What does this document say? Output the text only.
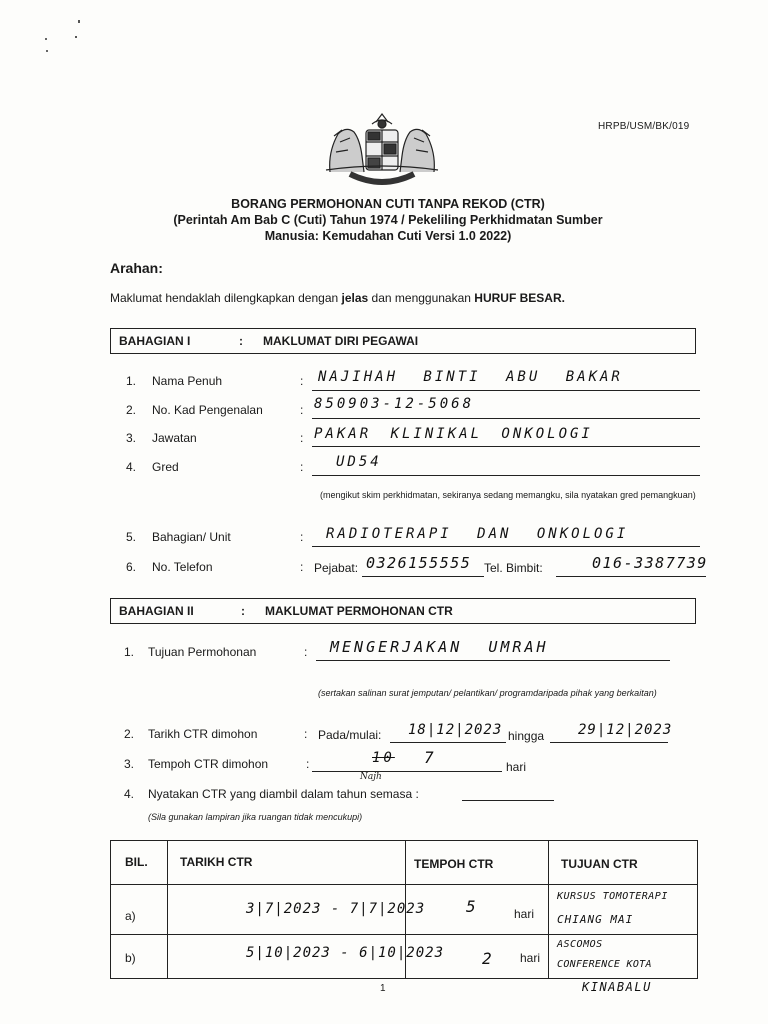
HRPB/USM/BK/019
BORANG PERMOHONAN CUTI TANPA REKOD (CTR)
(Perintah Am Bab C (Cuti) Tahun 1974 / Pekeliling Perkhidmatan Sumber
Manusia: Kemudahan Cuti Versi 1.0 2022)
Arahan:
Maklumat hendaklah dilengkapkan dengan jelas dan menggunakan HURUF BESAR.
BAHAGIAN I	: MAKLUMAT DIRI PEGAWAI
1. Nama Penuh	: NAJIHAH BINTI ABU BAKAR
2. No. Kad Pengenalan	: 850903-12-5068
3. Jawatan	: PAKAR KLINIKAL ONKOLOGI
4. Gred	: UD54
(mengikut skim perkhidmatan, sekiranya sedang memangku, sila nyatakan gred pemangkuan)
5. Bahagian/ Unit	: RADIOTERAPI DAN ONKOLOGI
6. No. Telefon	: Pejabat: 0326155555 Tel. Bimbit:	016-3387739
BAHAGIAN II	: MAKLUMAT PERMOHONAN CTR
1. Tujuan Permohonan	: MENGERJAKAN UMRAH
(sertakan salinan surat jemputan/ pelantikan/ programdaripada pihak yang berkaitan)
2. Tarikh CTR dimohon	: Pada/mulai: 18|12|2023 hingga 29|12|2023
3. Tempoh CTR dimohon	:	10 7
Najh
hari
4. Nyatakan CTR yang diambil dalam tahun semasa :
(Sila gunakan lampiran jika ruangan tidak mencukupi)
BIL.	TARIKH CTR	TEMPOH CTR	TUJUAN CTR

a)	3|7|2023 - 7|7|2023	5 hari	KURSUS TOMOTERAPI
CHIANG MAI

b)	5|10|2023 - 6|10|2023	2 hari	ASCOMOS
CONFERENCE KOTA
KINABALU
1
